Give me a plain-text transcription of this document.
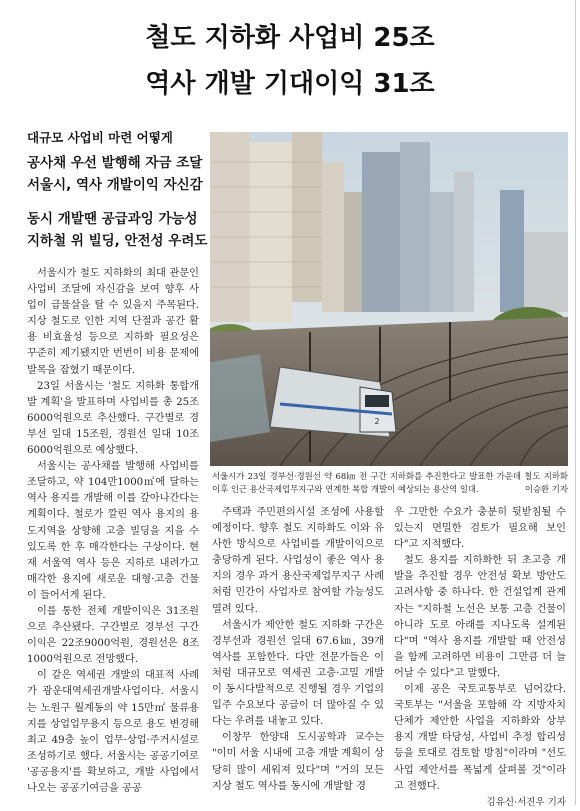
철도 지하화 사업비 25조
역사 개발 기대이익 31조
대규모 사업비 마련 어떻게
공사채 우선 발행해 자금 조달
서울시, 역사 개발이익 자신감
동시 개발땐 공급과잉 가능성
지하철 위 빌딩, 안전성 우려도
2
서울시가 23일 경부선·경원선 약 68㎞ 전 구간 지하화를 추진한다고 발표한 가운데 철도 지하화 이후 인근 용산국제업무지구와 연계한 복합 개발이 예상되는 용산역 일대.	이승환 기자

서울시가 철도 지하화의 최대 관문인 사업비 조달에 자신감을 보여 향후 사업이 급물살을 탈 수 있을지 주목된다. 지상 철도로 인한 지역 단절과 공간 활용 비효율성 등으로 지하화 필요성은 꾸준히 제기됐지만 번번이 비용 문제에 발목을 잡혔기 때문이다.

23일 서울시는 '철도 지하화 통합개발 계획'을 발표하며 사업비를 총 25조6000억원으로 추산했다. 구간별로 경부선 일대 15조원, 경원선 일대 10조6000억원으로 예상했다.

서울시는 공사채를 발행해 사업비를 조달하고, 약 104만1000㎡에 달하는 역사 용지를 개발해 이를 갚아나간다는 계획이다. 철로가 깔린 역사 용지의 용도지역을 상향해 고층 빌딩을 지을 수 있도록 한 후 매각한다는 구상이다. 현재 서울역 역사 등은 지하로 내려가고 매각한 용지에 새로운 대형·고층 건물이 들어서게 된다.

이를 통한 전체 개발이익은 31조원으로 추산됐다. 구간별로 경부선 구간이익은 22조9000억원, 경원선은 8조1000억원으로 전망했다.

이 같은 역세권 개발의 대표적 사례가 광운대역세권개발사업이다. 서울시는 노원구 월계동의 약 15만㎡ 물류용지를 상업업무용지 등으로 용도 변경해 최고 49층 높이 업무·상업·주거시설로 조성하기로 했다. 서울시는 공공기여로 '공공용지'를 확보하고, 개발 사업에서 나오는 공공기여금을 공공

주택과 주민편의시설 조성에 사용할 예정이다. 향후 철도 지하화도 이와 유사한 방식으로 사업비를 개발이익으로 충당하게 된다. 사업성이 좋은 역사 용지의 경우 과거 용산국제업무지구 사례처럼 민간이 사업자로 참여할 가능성도 열려 있다.

서울시가 제안한 철도 지하화 구간은 경부선과 경원선 일대 67.6㎞, 39개 역사를 포함한다. 다만 전문가들은 이처럼 대규모로 역세권 고층·고밀 개발이 동시다발적으로 진행될 경우 기업의 입주 수요보다 공급이 더 많아질 수 있다는 우려를 내놓고 있다.

이창무 한양대 도시공학과 교수는 "이미 서울 시내에 고층 개발 계획이 상당히 많이 세워져 있다"며 "거의 모든 지상 철도 역사를 동시에 개발할 경

우 그만한 수요가 충분히 뒷받침될 수 있는지 면밀한 검토가 필요해 보인다"고 지적했다.

철도 용지를 지하화한 뒤 초고층 개발을 추진할 경우 안전성 확보 방안도 고려사항 중 하나다. 한 건설업계 관계자는 "지하철 노선은 보통 고층 건물이 아니라 도로 아래를 지나도록 설계된다"며 "역사 용지를 개발할 때 안전성을 함께 고려하면 비용이 그만큼 더 늘어날 수 있다"고 말했다.

이제 공은 국토교통부로 넘어갔다. 국토부는 "서울을 포함해 각 지방자치단체가 제안한 사업을 지하화와 상부 용지 개발 타당성, 사업비 추정 합리성 등을 토대로 검토할 방침"이라며 "선도사업 제안서를 폭넓게 살펴볼 것"이라고 전했다.

김유신·서진우 기자
